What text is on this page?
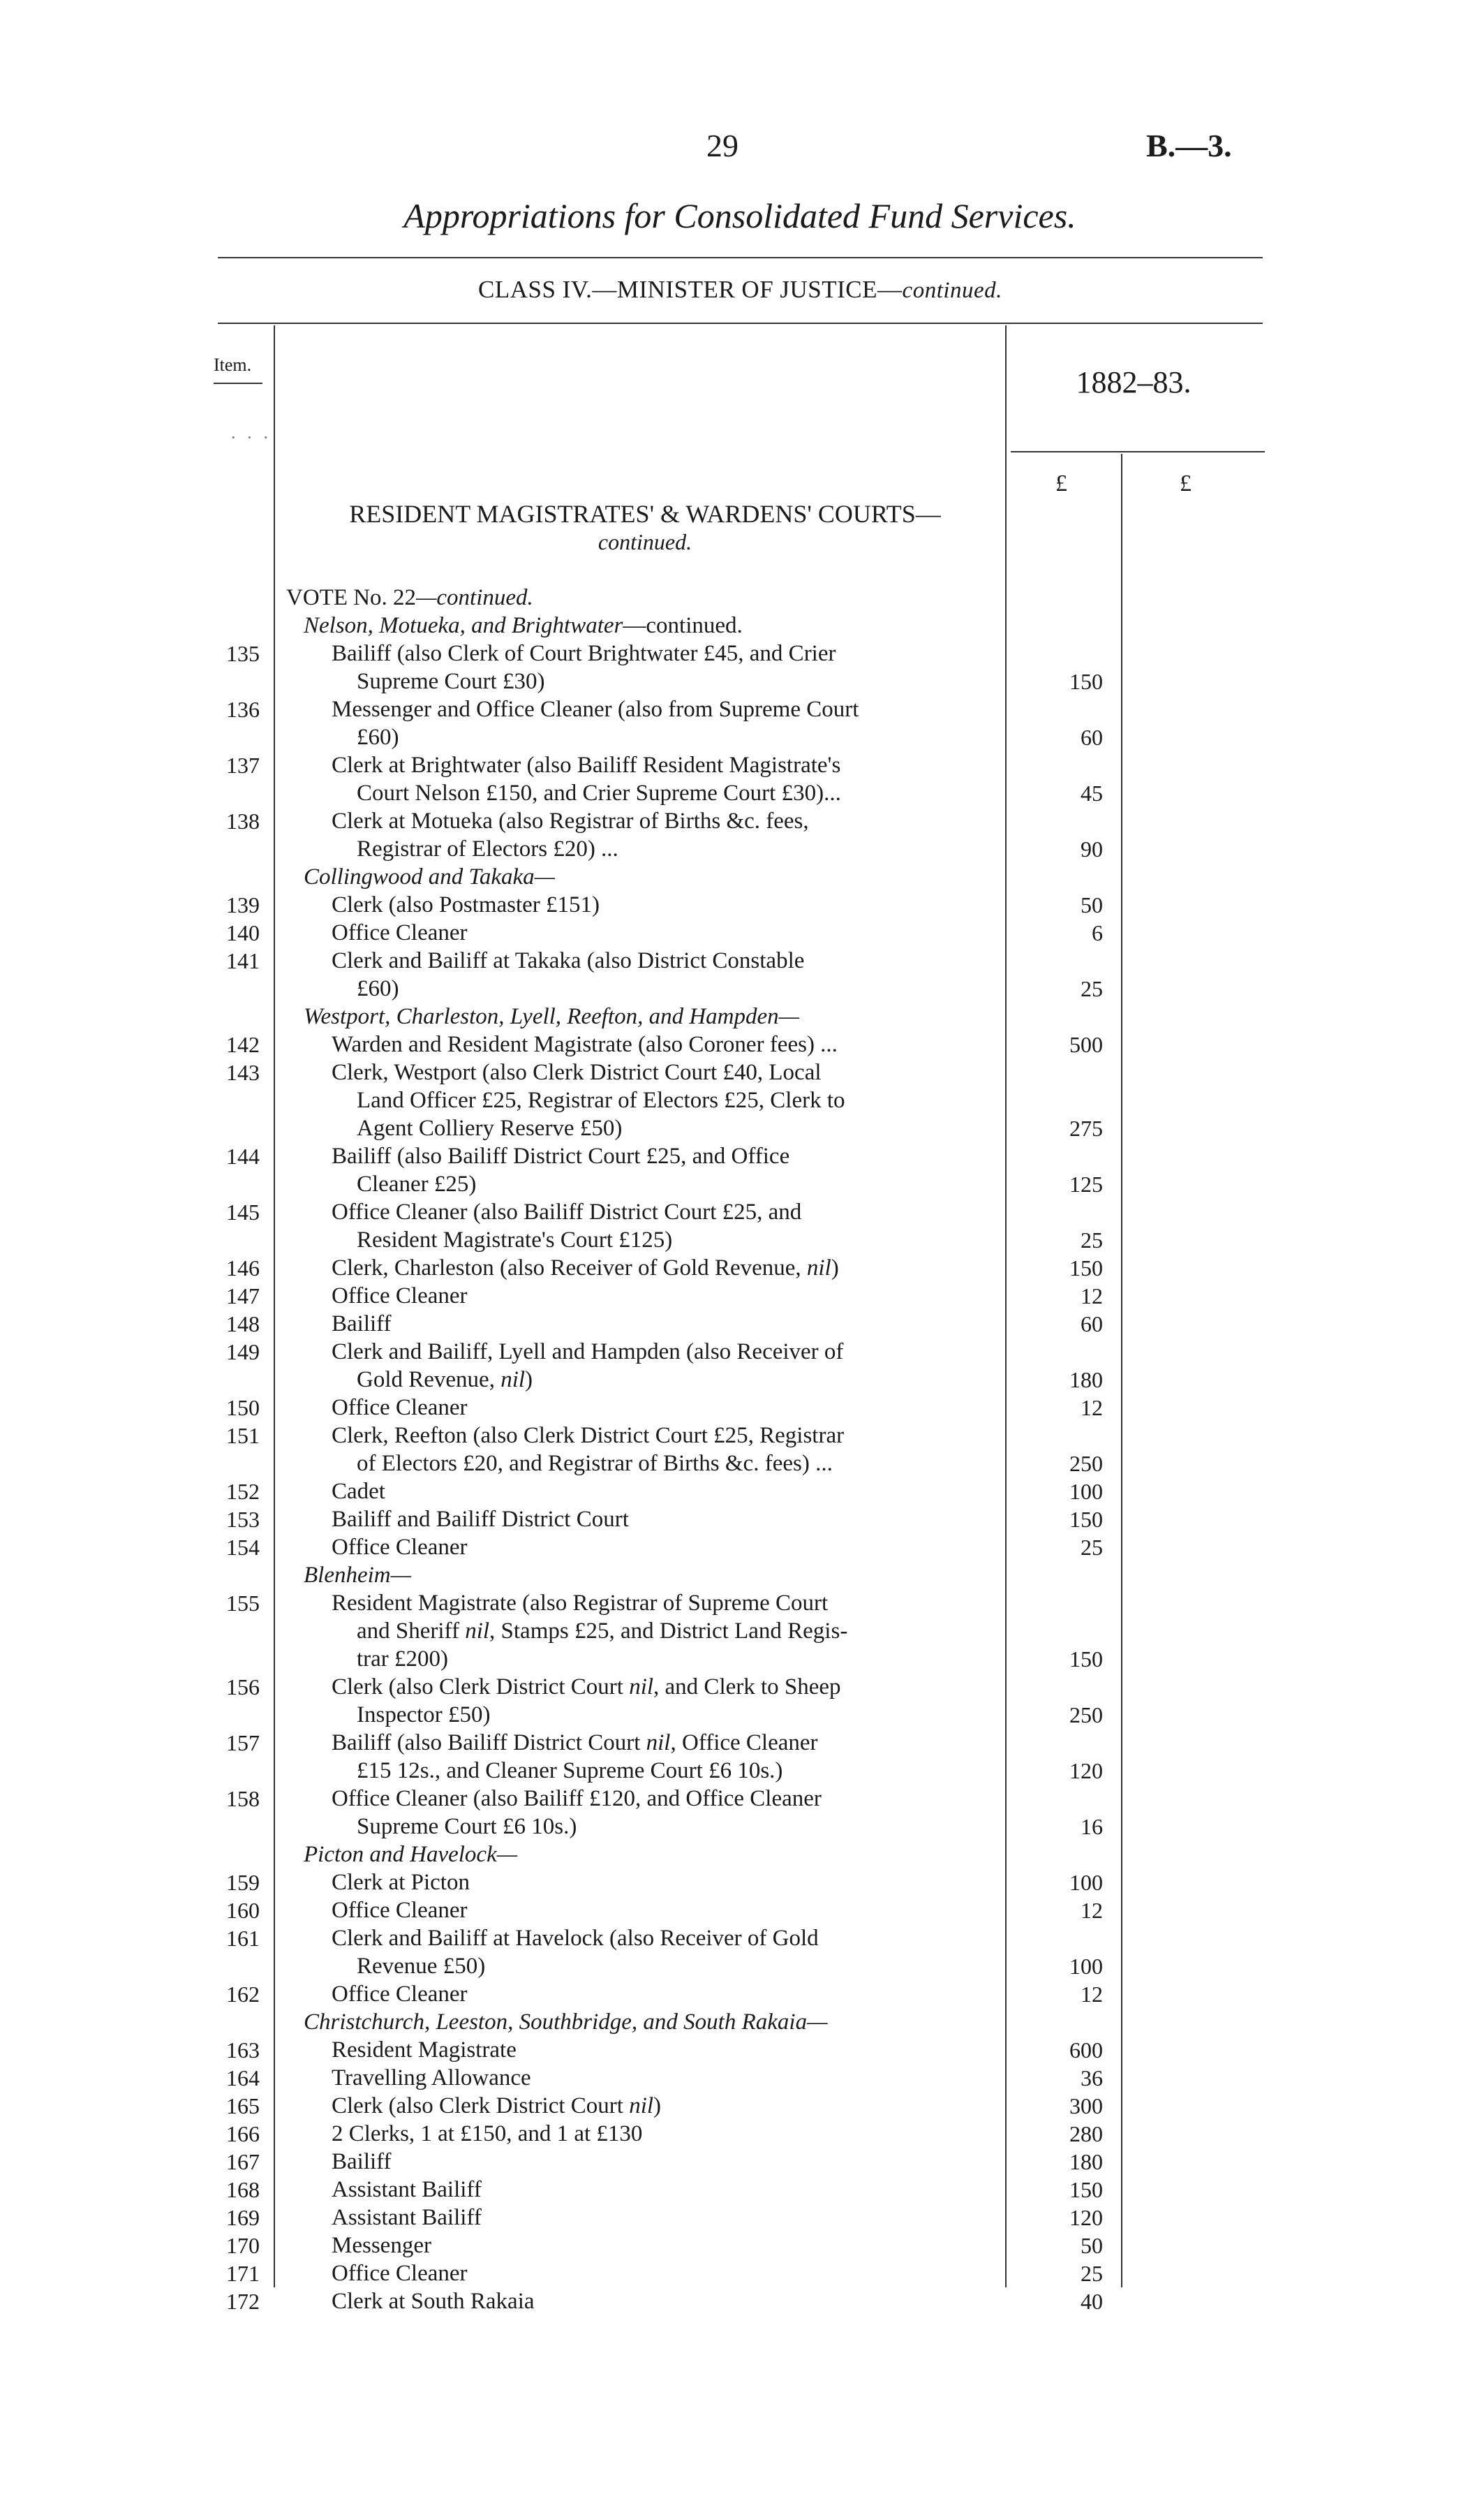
29	B.—3.
Appropriations for Consolidated Fund Services.
CLASS IV.—MINISTER OF JUSTICE—continued.
Item.
· · ·
1882–83.
£	£
RESIDENT MAGISTRATES' & WARDENS' COURTS—
continued.
VOTE No. 22—continued.
Nelson, Motueka, and Brightwater—continued.
135	Bailiff (also Clerk of Court Brightwater £45, and Crier
Supreme Court £30)	150
136	Messenger and Office Cleaner (also from Supreme Court
£60)	60
137	Clerk at Brightwater (also Bailiff Resident Magistrate's
Court Nelson £150, and Crier Supreme Court £30)...	45
138	Clerk at Motueka (also Registrar of Births &c. fees,
Registrar of Electors £20) ...	90
Collingwood and Takaka—
139	Clerk (also Postmaster £151)	50
140	Office Cleaner	6
141	Clerk and Bailiff at Takaka (also District Constable
£60)	25
Westport, Charleston, Lyell, Reefton, and Hampden—
142	Warden and Resident Magistrate (also Coroner fees) ...	500
143	Clerk, Westport (also Clerk District Court £40, Local
Land Officer £25, Registrar of Electors £25, Clerk to
Agent Colliery Reserve £50)	275
144	Bailiff (also Bailiff District Court £25, and Office
Cleaner £25)	125
145	Office Cleaner (also Bailiff District Court £25, and
Resident Magistrate's Court £125)	25
146	Clerk, Charleston (also Receiver of Gold Revenue, nil)	150
147	Office Cleaner	12
148	Bailiff	60
149	Clerk and Bailiff, Lyell and Hampden (also Receiver of
Gold Revenue, nil)	180
150	Office Cleaner	12
151	Clerk, Reefton (also Clerk District Court £25, Registrar
of Electors £20, and Registrar of Births &c. fees) ...	250
152	Cadet	100
153	Bailiff and Bailiff District Court	150
154	Office Cleaner	25
Blenheim—
155	Resident Magistrate (also Registrar of Supreme Court
and Sheriff nil, Stamps £25, and District Land Regis-
trar £200)	150
156	Clerk (also Clerk District Court nil, and Clerk to Sheep
Inspector £50)	250
157	Bailiff (also Bailiff District Court nil, Office Cleaner
£15 12s., and Cleaner Supreme Court £6 10s.)	120
158	Office Cleaner (also Bailiff £120, and Office Cleaner
Supreme Court £6 10s.)	16
Picton and Havelock—
159	Clerk at Picton	100
160	Office Cleaner	12
161	Clerk and Bailiff at Havelock (also Receiver of Gold
Revenue £50)	100
162	Office Cleaner	12
Christchurch, Leeston, Southbridge, and South Rakaia—
163	Resident Magistrate	600
164	Travelling Allowance	36
165	Clerk (also Clerk District Court nil)	300
166	2 Clerks, 1 at £150, and 1 at £130	280
167	Bailiff	180
168	Assistant Bailiff	150
169	Assistant Bailiff	120
170	Messenger	50
171	Office Cleaner	25
172	Clerk at South Rakaia	40
